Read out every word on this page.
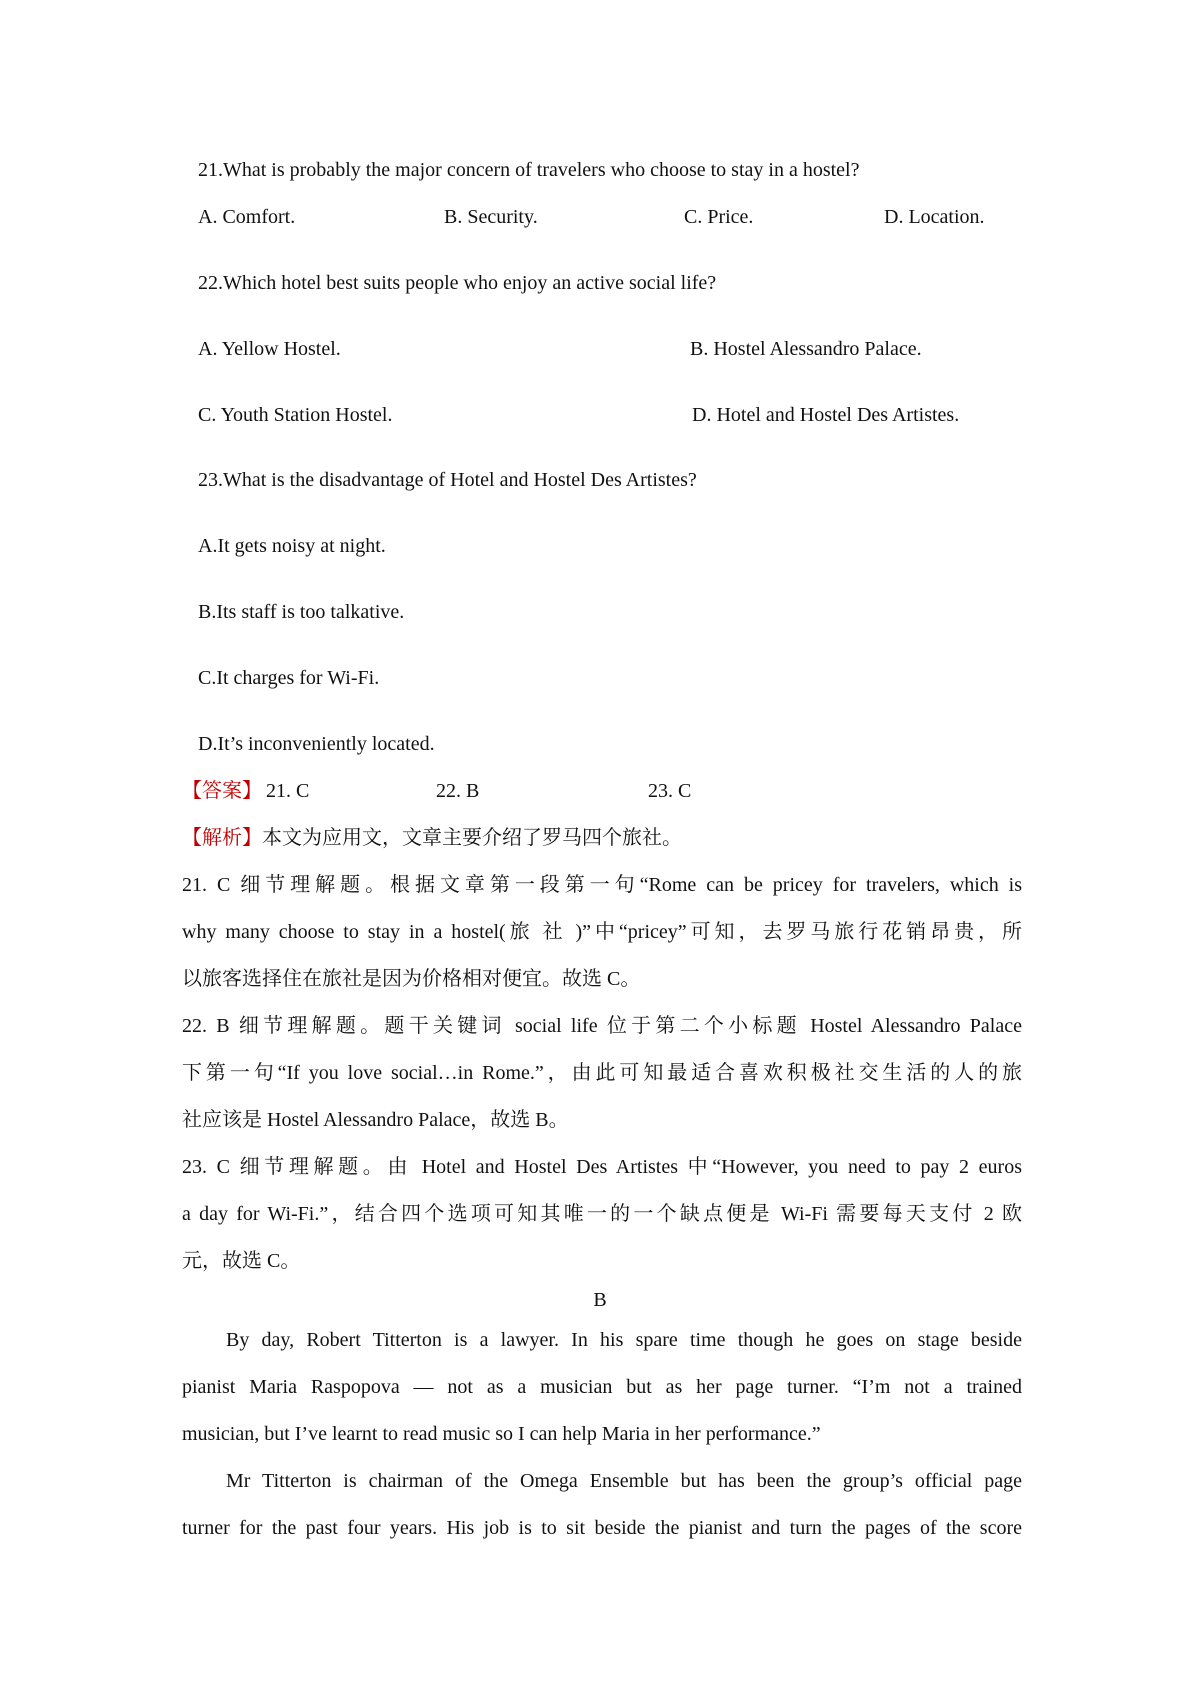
21.What is probably the major concern of travelers who choose to stay in a hostel?
A. Comfort.	B. Security.	C. Price.	D. Location.
22.Which hotel best suits people who enjoy an active social life?
A. Yellow Hostel.	B. Hostel Alessandro Palace.
C. Youth Station Hostel.	D. Hotel and Hostel Des Artistes.
23.What is the disadvantage of Hotel and Hostel Des Artistes?
A.It gets noisy at night.
B.Its staff is too talkative.
C.It charges for Wi-Fi.
D.It’s inconveniently located.
【答案】 21. C	22. B	23. C
【解析】本文为应用文，文章主要介绍了罗马四个旅社。
21. C 细节理解题。根据文章第一段第一句“Rome can be pricey for travelers, which is
why many choose to stay in a hostel(旅 社 )”中“pricey”可知，去罗马旅行花销昂贵，所
以旅客选择住在旅社是因为价格相对便宜。故选 C。
22. B 细节理解题。题干关键词 social life 位于第二个小标题 Hostel Alessandro Palace
下第一句“If you love social…in Rome.”，由此可知最适合喜欢积极社交生活的人的旅
社应该是 Hostel Alessandro Palace，故选 B。
23. C 细节理解题。由 Hotel and Hostel Des Artistes 中“However, you need to pay 2 euros
a day for Wi-Fi.”，结合四个选项可知其唯一的一个缺点便是 Wi-Fi 需要每天支付 2 欧
元，故选 C。
B
By day, Robert Titterton is a lawyer. In his spare time though he goes on stage beside
pianist Maria Raspopova — not as a musician but as her page turner. “I’m not a trained
musician, but I’ve learnt to read music so I can help Maria in her performance.”
Mr Titterton is chairman of the Omega Ensemble but has been the group’s official page
turner for the past four years. His job is to sit beside the pianist and turn the pages of the score
